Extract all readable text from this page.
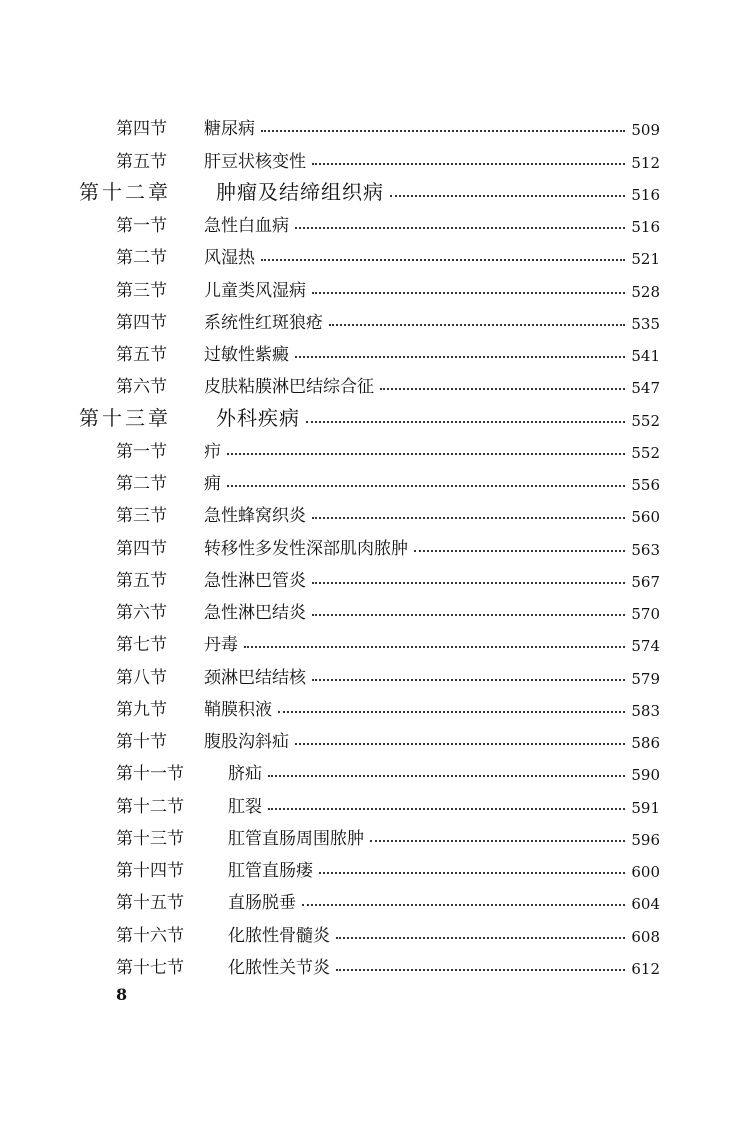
第四节	糖尿病	509
第五节	肝豆状核变性	512
第十二章	肿瘤及结缔组织病	516
第一节	急性白血病	516
第二节	风湿热	521
第三节	儿童类风湿病	528
第四节	系统性红斑狼疮	535
第五节	过敏性紫癜	541
第六节	皮肤粘膜淋巴结综合征	547
第十三章	外科疾病	552
第一节	疖	552
第二节	痈	556
第三节	急性蜂窝织炎	560
第四节	转移性多发性深部肌肉脓肿	563
第五节	急性淋巴管炎	567
第六节	急性淋巴结炎	570
第七节	丹毒	574
第八节	颈淋巴结结核	579
第九节	鞘膜积液	583
第十节	腹股沟斜疝	586
第十一节	脐疝	590
第十二节	肛裂	591
第十三节	肛管直肠周围脓肿	596
第十四节	肛管直肠瘘	600
第十五节	直肠脱垂	604
第十六节	化脓性骨髓炎	608
第十七节	化脓性关节炎	612
8
